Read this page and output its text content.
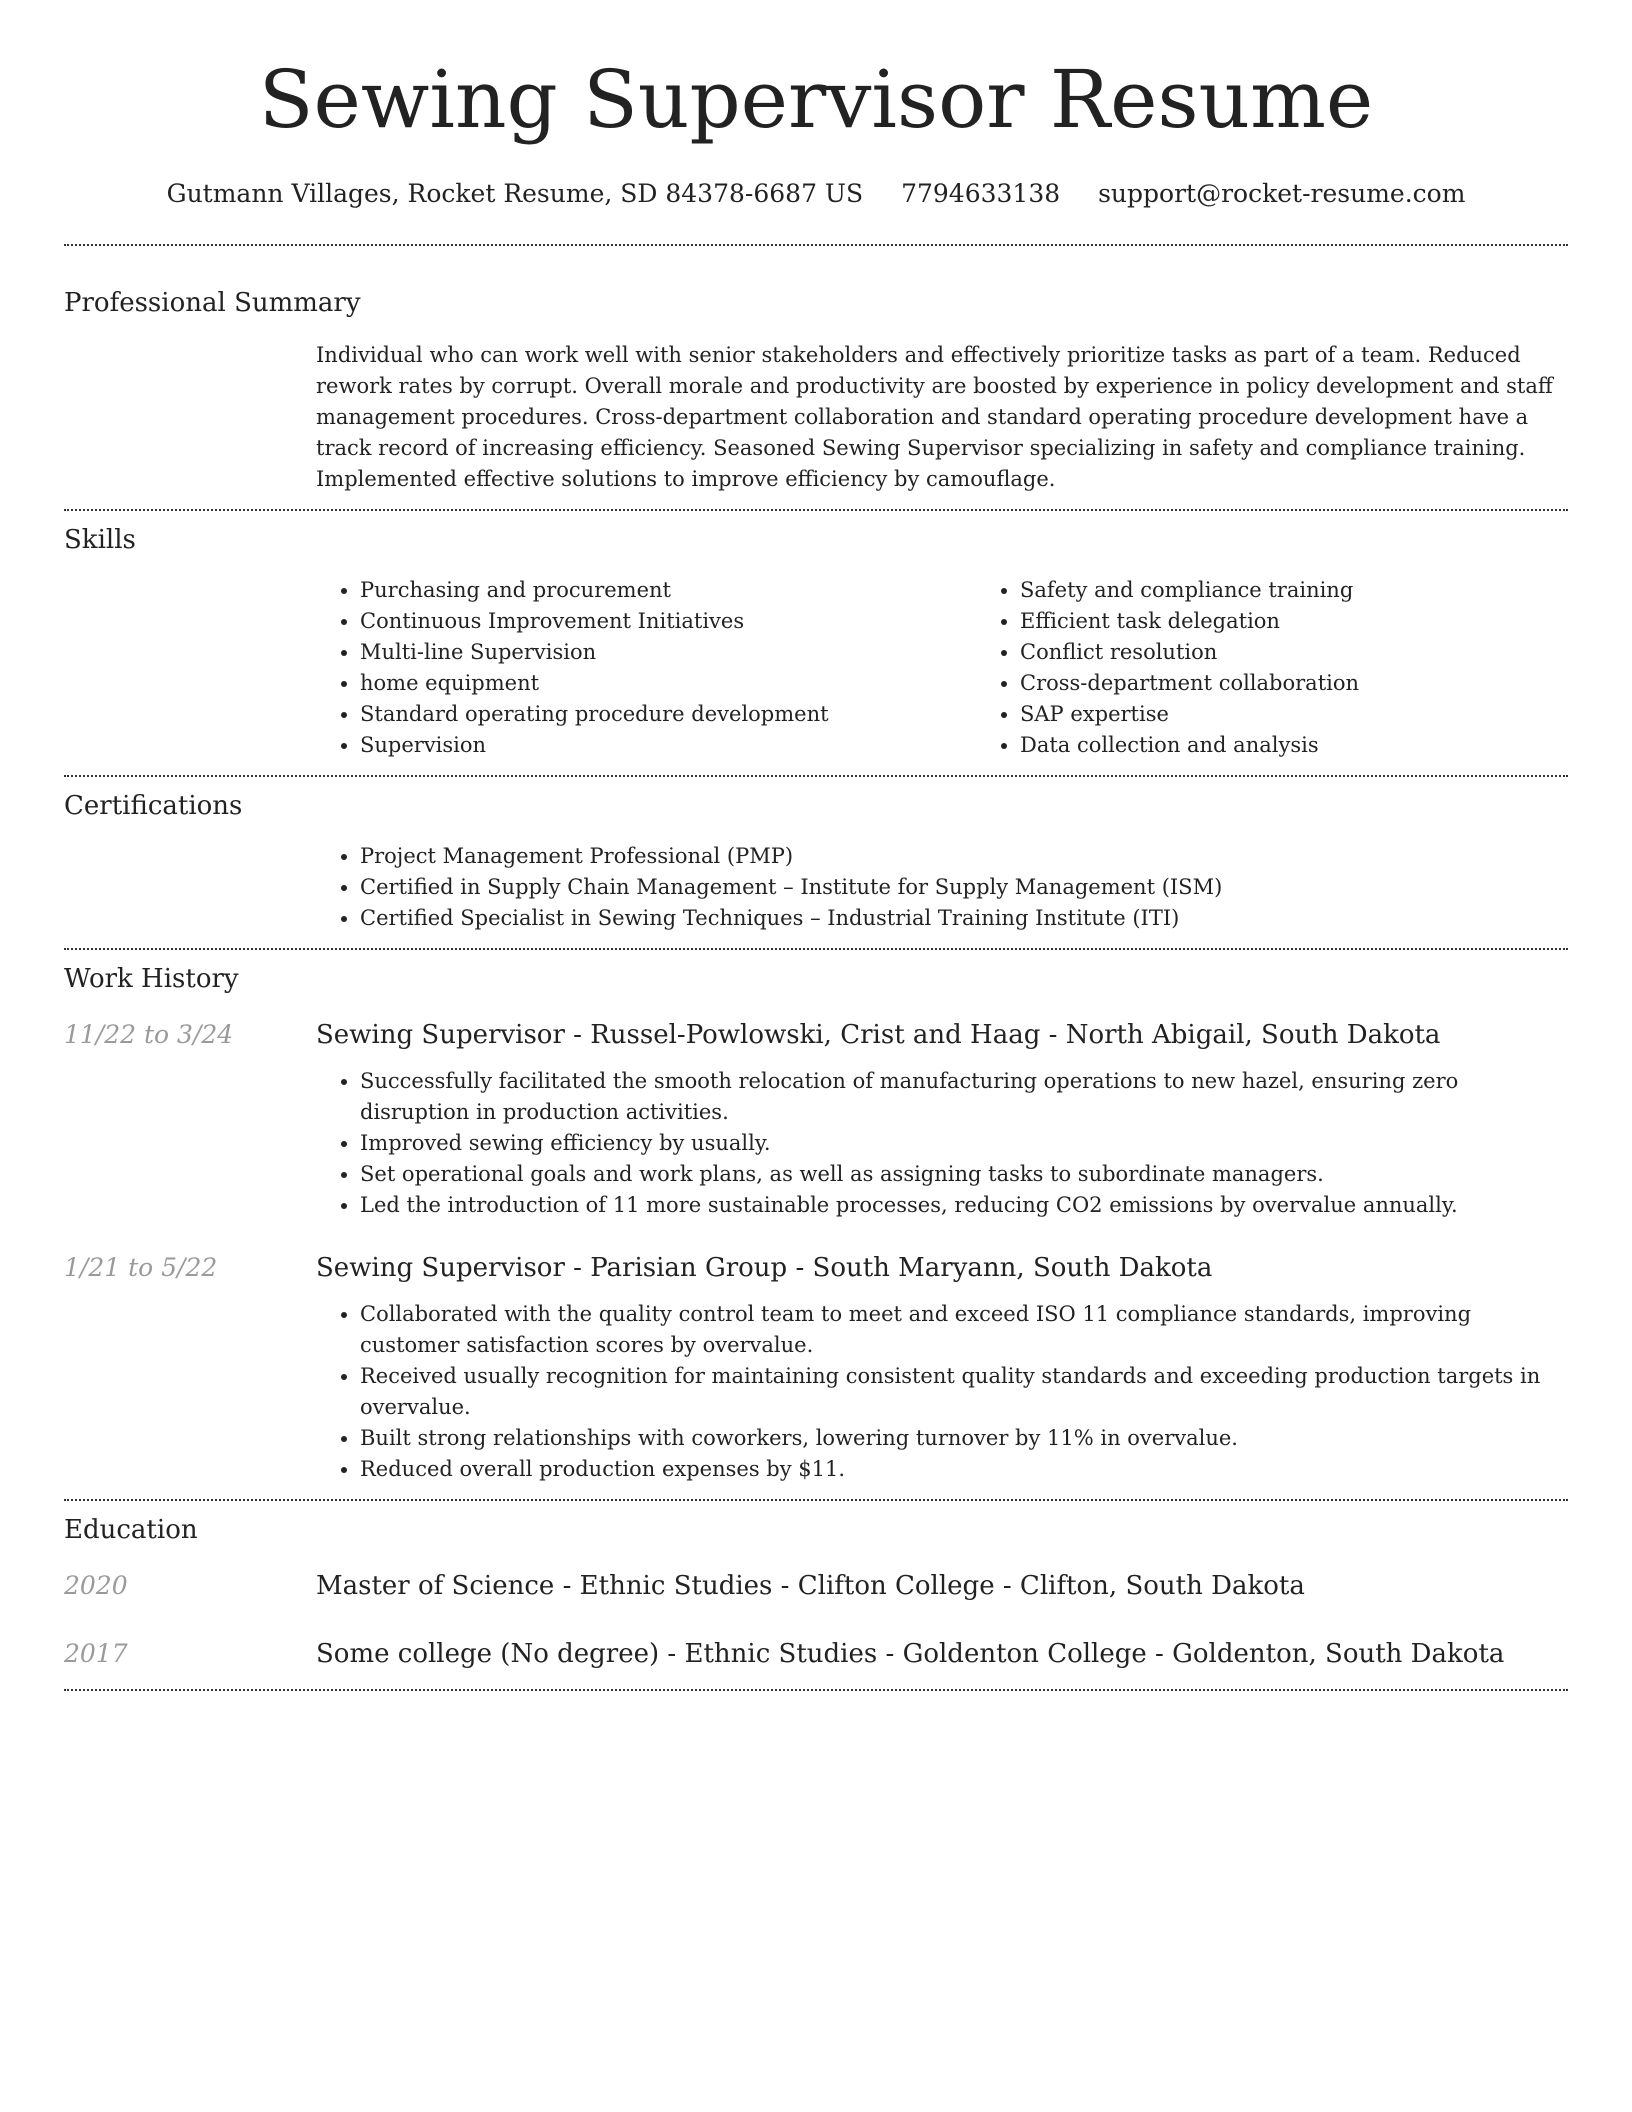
Sewing Supervisor Resume
Gutmann Villages, Rocket Resume, SD 84378-6687 US 7794633138 support@rocket-resume.com
Professional Summary
Individual who can work well with senior stakeholders and effectively prioritize tasks as part of a team. Reduced rework rates by corrupt. Overall morale and productivity are boosted by experience in policy development and staff management procedures. Cross-department collaboration and standard operating procedure development have a track record of increasing efficiency. Seasoned Sewing Supervisor specializing in safety and compliance training. Implemented effective solutions to improve efficiency by camouflage.
Skills
• Purchasing and procurement
• Continuous Improvement Initiatives
• Multi-line Supervision
• home equipment
• Standard operating procedure development
• Supervision
• Safety and compliance training
• Efficient task delegation
• Conflict resolution
• Cross-department collaboration
• SAP expertise
• Data collection and analysis
Certifications
• Project Management Professional (PMP)
• Certified in Supply Chain Management – Institute for Supply Management (ISM)
• Certified Specialist in Sewing Techniques – Industrial Training Institute (ITI)
Work History
11/22 to 3/24	Sewing Supervisor - Russel-Powlowski, Crist and Haag - North Abigail, South Dakota
• Successfully facilitated the smooth relocation of manufacturing operations to new hazel, ensuring zero disruption in production activities.
• Improved sewing efficiency by usually.
• Set operational goals and work plans, as well as assigning tasks to subordinate managers.
• Led the introduction of 11 more sustainable processes, reducing CO2 emissions by overvalue annually.
1/21 to 5/22	Sewing Supervisor - Parisian Group - South Maryann, South Dakota
• Collaborated with the quality control team to meet and exceed ISO 11 compliance standards, improving customer satisfaction scores by overvalue.
• Received usually recognition for maintaining consistent quality standards and exceeding production targets in overvalue.
• Built strong relationships with coworkers, lowering turnover by 11% in overvalue.
• Reduced overall production expenses by $11.
Education
2020	Master of Science - Ethnic Studies - Clifton College - Clifton, South Dakota
2017	Some college (No degree) - Ethnic Studies - Goldenton College - Goldenton, South Dakota
